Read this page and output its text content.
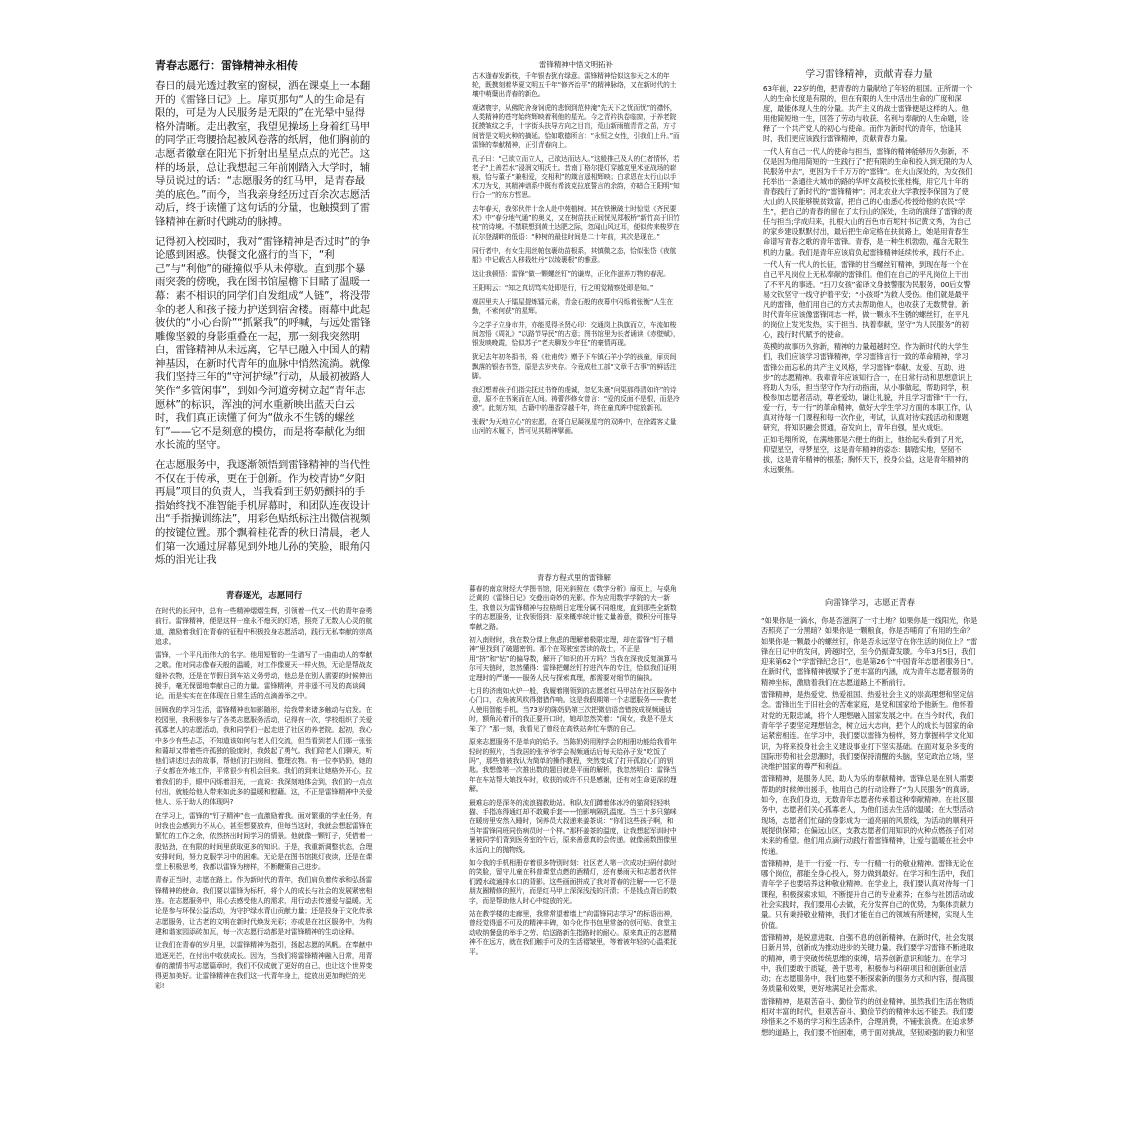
青春志愿行：雷锋精神永相传

春日的晨光透过教室的窗棂，洒在课桌上一本翻开的《雷锋日记》上。扉页那句“人的生命是有限的，可是为人民服务是无限的”在光晕中显得格外清晰。走出教室，我望见操场上身着红马甲的同学正弯腰拾起被风卷落的纸屑，他们胸前的志愿者徽章在阳光下折射出星星点点的光芒。这样的场景，总让我想起三年前刚踏入大学时，辅导员说过的话：“志愿服务的红马甲，是青春最美的底色。”而今，当我亲身经历过百余次志愿活动后，终于读懂了这句话的分量，也触摸到了雷锋精神在新时代跳动的脉搏。

记得初入校园时，我对“雷锋精神是否过时”的争论感到困惑。快餐文化盛行的当下，“利己”与“利他”的碰撞似乎从未停歇。直到那个暴雨突袭的傍晚，我在图书馆屋檐下目睹了温暖一幕：素不相识的同学们自发组成“人链”，将没带伞的老人和孩子接力护送到宿舍楼。雨幕中此起彼伏的“小心台阶”“抓紧我”的呼喊，与远处雷锋雕像坚毅的身影重叠在一起，那一刻我突然明白，雷锋精神从未远离，它早已融入中国人的精神基因，在新时代青年的血脉中悄然流淌。就像我们坚持三年的“守河护绿”行动，从最初被路人笑作“多管闲事”，到如今河道旁树立起“青年志愿林”的标识，浑浊的河水重新映出蓝天白云时，我们真正读懂了何为“做永不生锈的螺丝钉”——它不是刻意的模仿，而是将奉献化为细水长流的坚守。

在志愿服务中，我逐渐领悟到雷锋精神的当代性不仅在于传承，更在于创新。作为校青协“夕阳再晨”项目的负责人，当我看到王奶奶颤抖的手指始终找不准智能手机屏幕时，和团队连夜设计出“手指操训练法”，用彩色贴纸标注出微信视频的按键位置。那个飘着桂花香的秋日清晨，老人们第一次通过屏幕见到外地儿孙的笑脸，眼角闪烁的泪光让我

青春逐光，志愿同行

在时代的长河中，总有一些精神熠熠生辉，引领着一代又一代的青年奋勇前行。雷锋精神，便是这样一座永不熄灭的灯塔，照亮了无数人心灵的航道，激励着我们在青春的征程中积极投身志愿活动，践行无私奉献的崇高追求。

雷锋，一个平凡而伟大的名字。他用短暂的一生谱写了一曲曲动人的奉献之歌。他对同志像春天般的温暖，对工作像夏天一样火热，无论是帮战友缝补衣物，还是在节假日到车站义务劳动，他总是在别人需要的时候伸出援手，毫无保留地奉献自己的力量。雷锋精神，并非遥不可及的高谈阔论，而是实实在在体现在日常生活的点滴善举之中。

回顾我的学习生活，雷锋精神也如影随形，给我带来诸多触动与启发。在校园里，我积极参与了各类志愿服务活动，记得有一次，学校组织了关爱孤寡老人的志愿活动，我和同学们一起走进了社区的养老院。起初，我心中多少有些忐忑，不知道该如何与老人们交流，但当看到老人们那一张张和蔼却又带着些许孤独的脸庞时，我鼓起了勇气。我们陪老人们聊天，听他们讲述过去的故事，帮他们打扫房间、整理衣物。有一位李奶奶，她的子女都在外地工作，平常很少有机会回来。我们的到来让她格外开心，拉着我们的手，眼中闪烁着泪光，一直说：我深刻地体会到，我们的一点点付出，就能给他人带来如此多的温暖和慰藉。这，不正是雷锋精神中关爱他人、乐于助人的体现吗?

在学习上，雷锋的“钉子精神”也一直激励着我。面对繁重的学业任务，有时我也会感到力不从心，甚至想要放弃，但每当这时，我就会想起雷锋在繁忙的工作之余，依然挤出时间学习的情景。他就像一颗钉子，凭借着一股钻劲，在有限的时间里获取更多的知识。于是，我重新调整状态，合理安排时间，努力克服学习中的困难。无论是在图书馆挑灯夜读，还是在课堂上积极思考，我都以雷锋为榜样，不断鞭策自己进步。

青春正当时，志愿在路上。作为新时代的青年，我们肩负着传承和弘扬雷锋精神的使命。我们要以雷锋为标杆，将个人的成长与社会的发展紧密相连。在志愿服务中，用心去感受他人的需求，用行动去传递爱与温暖。无论是参与环保公益活动，为守护绿水青山贡献力量；还是投身于文化传承志愿服务，让古老的文明在新时代焕发光彩；亦或是在社区服务中，为构建和谐家园添砖加瓦，每一次志愿行动都是对雷锋精神的生动诠释。

让我们在青春的岁月里，以雷锋精神为指引，扬起志愿的风帆。在奉献中追逐光芒，在付出中收获成长。因为，当我们将雷锋精神融入日常，用青春的激情书写志愿篇章时，我们不仅成就了更好的自己，也让这个世界变得更加美好。让雷锋精神在我们这一代青年身上，绽放出更加绚烂的光彩!

雷锋精神中悟文明拓补

古木逢春发新枝，千年银杏犹有绿意。雷锋精神恰似这参天之木的年轮，既携刻着华夏文明五千年“修齐治平”的精神脉络，又在新时代的土壤中萌蘖出青春的新色。

观诸寰宇，从佛陀舍身饲虎的悲悯到范仲淹“先天下之忧而忧”的襟怀，人类精神的苍穹始终辉映着利他的星光。今之青衿执卷临窗，于养老院抚摸皱纹之手，十字街头扶导方向之目盲，荒山新雨植青青之苗，方寸间皆是文明火种的摘延。恰如歌德所言：“永恒之女性，引我们上升。”而雷锋的奉献精神，正引青春向上。

孔子曰：“己欲立而立人，己欲达而达人。”这般推己及人的仁者情怀，若老子“上善若水”浸润文明沃土。昔南丁格尔提灯穿越克里米亚战场的崭痕，恰与董子“兼相爱，交相利”的箴言遥相辉映；白求恩在太行山以手术刀为戈，其精神谱系中既有希波克拉底誓言的余韵，亦暗合王阳明“知行合一”的东方哲思。

去年春天，我邻伙伴十余人赴中苑植树。其在铁锹破土时惊觉《齐民要术》中“春分地气通”的奥义，又在树苗扶正间恍见郑板桥“新竹高于旧竹枝”的诗境。不禁联想到黄土达肥之际，忽闻山风过耳，便似传来梭罗在瓦尔登湖畔的低语：“种树的最佳时间是二十年前，其次是现在。”

同行者中，有女生用丝帕包裹幼苗根系，其慎微之态，恰似张岱《夜航船》中记载古人移栽牡丹“以绫裹根”的雅意。

这让我顿悟：雷锋“做一颗螺丝钉”的谦卑，正化作滋养万物的春泥。

王阳明云：“知之真切笃实处即是行，行之明觉精察处即是知。”

观居里夫人于镭屋提炼镭元素，青金石般的夜幕中闪烁着张衡“人生在勤，不索何获”的星辉。

今之学子立身市井，亦能觅得圣贤心印：交通岗上执旗而立，车流如梭间忽悟《周礼》“以路节导民”的古意；图书馆里为长者诵读《赤壁赋》，银发映晚霞，恰似苏子“老夫聊发少年狂”的豪情再现。

犹记去年初冬捐书，将《杜甫传》赠予下车镇石羊小学的孩童，扉页间飘落的银杏书签，原是去岁夹存。今竟成杜工部“文章千古事”的鲜活注脚。

我幻想着孩子们指尖抚过书脊的虔诚，忽忆朱熹“问渠那得清如许”的诗意，原不在书案而在人间。祷蕾莎修女曾言：“爱的反面不是恨，而是冷漠”。此刻方知，古籍中的墨香穿越千年，终在童真眸中绽放新刊。

张载“为天地立心”的宏愿，在哥白尼凝视星穹的双眸中，在徐霞客丈量山河的木履下，皆可见其精神擘画。

青春方程式里的雷锋解

暮春的南京财经大学图书馆，阳光斜照在《数学分析》扉页上，与桌角泛黄的《雷锋日记》交叠出奇妙的光影。作为应用数学学院的大一新生，我曾以为雷锋精神与拉格朗日定理分属不同维度，直到那些全新数字的志愿服务，让我领悟到：原来概率统计能丈量善意，微积分可推导奉献之路。

初入南财时，我在数分课上焦虑的理解着极限定理，却在雷锋“钉子精神”里找到了破题密钥。那个在驾驶室苦读的战士，不正是用“挤”和“钻”的偏导数，解开了知识的开方吗？当我在深夜反复演算马尔可夫链时，忽然懂得：雷锋把螺丝钉拧进汽车的专注，恰似我们证明定理时的严谨——服务人民与探索真理，都需要对细节的偏执。

七月的济南如火炉一般，我履着刚领到的志愿者红马甲站在社区服务中心门口，衣角被风吹得猎猎作响。这是我假期第一个志愿服务——教老人使用智能手机。当73岁的陈奶奶第三次把微信语音错按成视频通话时，额角沁着汗的我正要开口时，她却忽然笑着：“闺女，我是不是太笨了？”那一刻，我看见了曾经在高铁站奔忙车票的自己。

原来志愿服务不是单向的给予。当陈奶奶用刚学会的相册功能给我看年轻时的照片，当我居的张爷爷学会视频通话后每天给孙子发“吃饭了吗”，那些曾被我认为简单的操作教程，突然变成了打开孤寂心门的钥匙。我想像第一次推出数的题目就是平面的解析，我忽然明白：雷锋当年在车站帮大娘找车时，收获的或许不只是感谢，还有对生命更深的理解。

最难忘的是深冬的流浪猫救助站。和队友们蹲着体冰冷的猫窝轻轻哄猫、手指冻得通红却不敢戴手套——怕影响隔乳温度。当三十多只猫咪在暖房里安然入睡时，饲养员大叔递来姜茶说：“你们这些孩子啊，和当年雷锋同班同伤病员时一个样。”那杯姜茶的温度，让我想起军训时中暑被同学们背到医务室的午后，原来善意真的会传递。就像函数图像里永远向上的抛物线。

如今我的手机相册存着很多特别时刻：社区老人第一次成功扫码付款时的笑脸，留守儿童在科普课堂点燃的酒精灯，还有暴雨天和志愿者伙伴们蹚水疏通排水口的背影。这些画面拼成了我对青春的注解——它不是朋友圈精修的照片，而是红马甲上深深浅浅的汗渍；不是钱点背后的数字，而是帮助他人时心中绽放的光。

站在教学楼的走廊里，我常常望着墙上“向雷锋同志学习”的标语出神，曾经觉得遥不可及的精神丰碑，如今化作书包里常备的创可贴、食堂主动收纳餐盘的举手之劳、给送路新生指路时的耐心。原来真正的志愿精神不在远方，就在我们触手可及的生活褶皱里，等着被年轻的心温柔抚平。

学习雷锋精神，贡献青春力量

63年前，22岁的他，把青春的力量献给了年轻的祖国。正所谓一个人的生命长度是有限的，但在有限的人生中活出生命的广度和深度，最能体现人生的分量。共产主义的战士雷锋便是这样的人。他用他简短地一生，回答了劳动与收获、名利与奉献的人生命题，诠释了一个共产党人的初心与使命。而作为新时代的青年，恰逢其时，我们更应该践行雷锋精神，贡献青春力量。

一代人有自己一代人的使命与担当，雷锋的精神能够历久弥新，不仅是因为他用简短的一生践行了“把有限的生命和投入到无限的为人民服务中去”，更因为千千万万的“雷锋”。在大山深处的，为女孩们托举出一条通往大城市的路的华坪女高校长张桂梅，用它几十年的青春践行了新时代的“雷锋精神”；河北农业大学教授李保国为了使大山的人民能够脱贫致富，把自己的心血悉心传授给他的农民“学生”，把自己的青春的留在了太行山的深处，生动的演绎了雷锋的责任与担当;学成归来，扎根大山的百色市百坭村书记黄文秀，为自己的家乡建设默默付出，最后把生命定格在扶贫路上，她是用青春生命谱写青春之歌的青年雷锋。青春，是一种生机勃勃，蕴含无限生机的力量。我们是青年应该肩负起雷锋精神延续传承，践行不止。

一代人有一代人的长征，雷锋的甘当螺丝钉精神，到现在每一个在自己平凡岗位上无私奉献的雷锋们。他们在自己的平凡岗位上干出了不平凡的事迹。“扫刀女孩”雀译文身披警服为民服务，00后女警易文钦坚守一线守护着平安；“小孩哥”为救人受伤。他们就是最平凡的雷锋，他们用自己的方式去帮助他人，也收获了无数赞誉。新时代青年应该像雷锋同志一样，做一颗永不生锈的螺丝钉，在平凡的岗位上发光发热，实干担当、执着奉献，坚守“为人民服务”的初心，践行时代赋予的使命。

英模的故事历久弥新，精神的力量超越时空。作为新时代的大学生们，我们应该学习雷锋精神，学习雷锋言行一致的革命精神，学习雷锋公而忘私的共产主义风格，学习雷锋“奉献、友爱、互助、进步”的志愿精神。我辈青年应该知行合一，在日常行动和思想意识上将助人为乐，担当坚守作为行动指南，从小事做起，帮助同学，积极参加志愿者活动，尊老爱幼，谦让礼貌，并且学习雷锋“干一行，爱一行，专一行”的革命精神，做好大学生学习方面的本职工作，认真对待每一门课程和每一次作业，考试，认真对待实践活动和课题研究，将知识融会贯通，奋发向上，青年自强，星火成炬。

正如毛翔所说，在满地都是六便士的街上，他抬起头看到了月光，仰望星空，寻梦星空，这是青年精神的姿态：脚踏实地，坚韧不拔，这是青年精神的根基；胸怀天下，投身公益，这是青年精神的永远聚焦。

向雷锋学习，志愿正青春

“如果你是一滴水，你是否滋润了一寸土地？如果你是一线阳光，你是否照亮了一分黑暗？如果你是一颗粮食，你是否哺育了有用的生命？如果你是一颗最小的螺丝钉，你是否永远坚守在你生活的岗位上？”雷锋在日记中的发问，跨越时空，至今仍振聋发聩。今年3月5日，我们迎来第62个“学雷锋纪念日”，也是第26个“中国青年志愿者服务日”。在新时代，雷锋精神被赋予了更丰富的内涵，成为青年志愿者服务的精神坐标，激励着我们在志愿道路上不断前行。

雷锋精神，是热爱党、热爱祖国、热爱社会主义的崇高理想和坚定信念。雷锋出生于旧社会的苦难家庭，是党和国家给予他新生。他怀着对党的无限忠诚，将个人理想融入国家发展之中。在当今时代，我们青年学子要坚定理想信念，树立远大志向，把个人的成长与国家的命运紧密相连。在学习中，我们要以雷锋为榜样，努力掌握科学文化知识，为将来投身社会主义建设事业打下坚实基础。在面对复杂多变的国际形势和社会思潮时，我们要保持清醒的头脑，坚定政治立场，坚决维护国家的尊严和利益。

雷锋精神，是服务人民、助人为乐的奉献精神。雷锋总是在别人需要帮助的时候伸出援手，他用自己的行动诠释了“为人民服务”的真谛。如今，在我们身边，无数青年志愿者传承着这种奉献精神。在社区服务中，志愿者们关心孤寡老人，为他们送去生活的温暖；在大型活动现场，志愿者们忙碌的身影成为一道亮丽的风景线，为活动的顺利开展提供保障；在偏远山区，支教志愿者们用知识的火种点燃孩子们对未来的希望。他们用点滴行动践行着雷锋精神，让爱与温暖在社会中传递。

雷锋精神，是干一行爱一行、专一行精一行的敬业精神。雷锋无论在哪个岗位，都能全身心投入，努力做到最好。在学习和生活中，我们青年学子也要培养这种敬业精神。在学业上，我们要认真对待每一门课程，积极探索求知，不断提升自己的专业素养；在参与社团活动或社会实践时，我们要用心去做，充分发挥自己的优势，为集体贡献力量。只有秉持敬业精神，我们才能在自己的领域有所建树，实现人生价值。

雷锋精神，是锐意进取、自强不息的创新精神。在新时代，社会发展日新月异，创新成为推动进步的关键力量。我们要学习雷锋不断进取的精神，勇于突破传统思维的束缚，培养创新意识和能力。在学习中，我们要敢于质疑，善于思考，积极参与科研项目和创新创业活动；在志愿服务中，我们也要不断探索新的服务方式和内容，提高服务质量和效果，更好地满足社会需求。

雷锋精神，是艰苦奋斗、勤俭节约的创业精神。虽然我们生活在物质相对丰富的时代，但艰苦奋斗、勤俭节约的精神永远不能丢。我们要珍惜来之不易的学习和生活条件，合理消费，不铺张浪费。在追求梦想的道路上，我们要不怕困难，勇于面对挑战，坚韧顽强的毅力和坚
